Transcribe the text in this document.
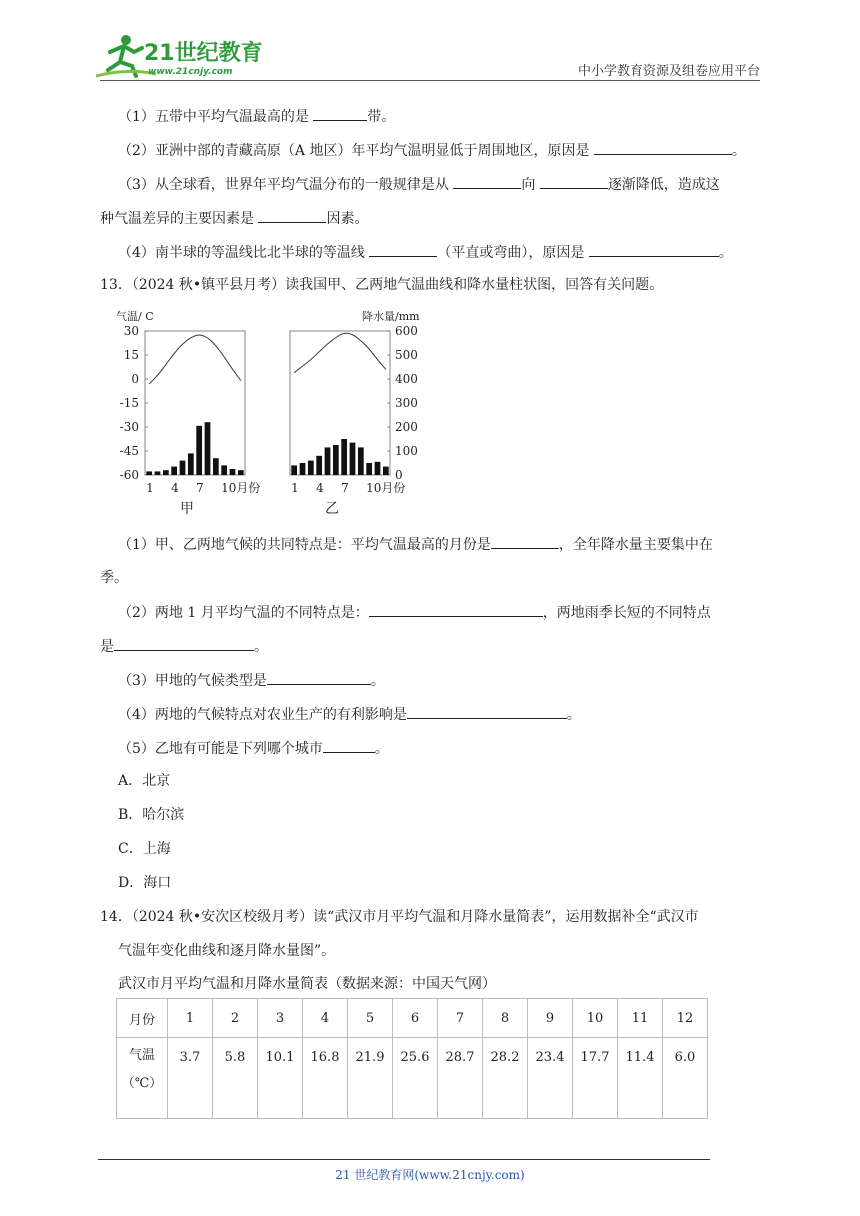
21世纪教育
www.21cnjy.com	中小学教育资源及组卷应用平台
（1）五带中平均气温最高的是	带。
（2）亚洲中部的青藏高原（A 地区）年平均气温明显低于周围地区，原因是	。
（3）从全球看，世界年平均气温分布的一般规律是从	向	逐渐降低，造成这
种气温差异的主要因素是	因素。
（4）南半球的等温线比北半球的等温线	（平直或弯曲），原因是	。
13．（2024 秋•镇平县月考）读我国甲、乙两地气温曲线和降水量柱状图，回答有关问题。
30
15
0
-15
-30
-45
-60
气温/ C
1 4 7 10月份
甲
600
500
400
300
200
100
0
降水量/mm
1 4 7 10月份
乙
（1）甲、乙两地气候的共同特点是：平均气温最高的月份是	，全年降水量主要集中在
季。
（2）两地 1 月平均气温的不同特点是：	，两地雨季长短的不同特点
是	。
（3）甲地的气候类型是	。
（4）两地的气候特点对农业生产的有利影响是	。
（5）乙地有可能是下列哪个城市	。
A．北京
B．哈尔滨
C．上海
D．海口
14．（2024 秋•安次区校级月考）读“武汉市月平均气温和月降水量简表”，运用数据补全“武汉市
气温年变化曲线和逐月降水量图”。
武汉市月平均气温和月降水量简表（数据来源：中国天气网）
月份	1	2	3	4	5	6	7	8	9	10	11	12
气温
（℃）	3.7	5.8	10.1	16.8	21.9	25.6	28.7	28.2	23.4	17.7	11.4	6.0
21 世纪教育网(www.21cnjy.com)
